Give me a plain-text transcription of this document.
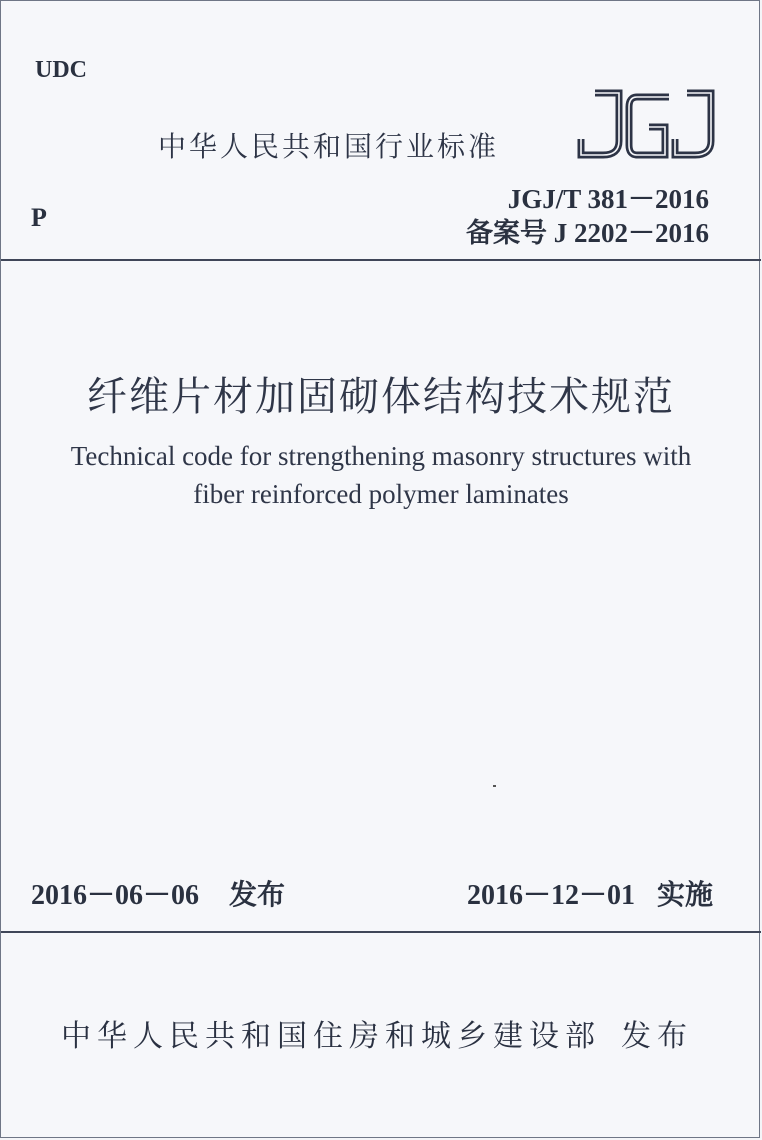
UDC
中华人民共和国行业标准
P
JGJ/T 381－2016
备案号 J 2202－2016
纤维片材加固砌体结构技术规范
Technical code for strengthening masonry structures with
fiber reinforced polymer laminates
2016－06－06 发布	2016－12－01 实施
中华人民共和国住房和城乡建设部 发布
